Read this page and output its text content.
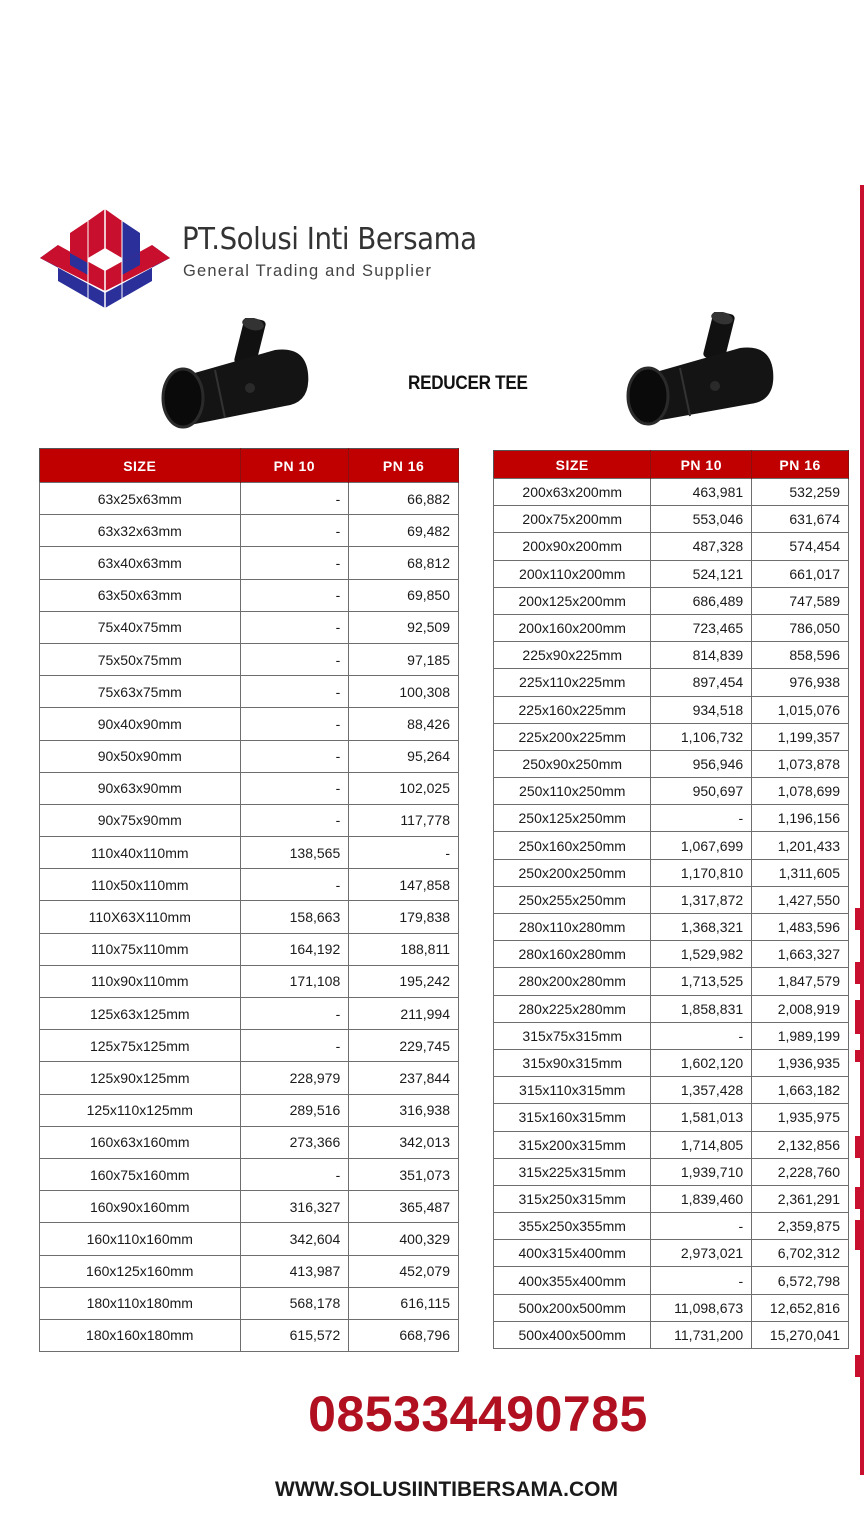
PT.Solusi Inti Bersama
General Trading and Supplier
REDUCER TEE
SIZE	PN 10	PN 16
63x25x63mm	-	66,882
63x32x63mm	-	69,482
63x40x63mm	-	68,812
63x50x63mm	-	69,850
75x40x75mm	-	92,509
75x50x75mm	-	97,185
75x63x75mm	-	100,308
90x40x90mm	-	88,426
90x50x90mm	-	95,264
90x63x90mm	-	102,025
90x75x90mm	-	117,778
110x40x110mm	138,565	-
110x50x110mm	-	147,858
110X63X110mm	158,663	179,838
110x75x110mm	164,192	188,811
110x90x110mm	171,108	195,242
125x63x125mm	-	211,994
125x75x125mm	-	229,745
125x90x125mm	228,979	237,844
125x110x125mm	289,516	316,938
160x63x160mm	273,366	342,013
160x75x160mm	-	351,073
160x90x160mm	316,327	365,487
160x110x160mm	342,604	400,329
160x125x160mm	413,987	452,079
180x110x180mm	568,178	616,115
180x160x180mm	615,572	668,796
SIZE	PN 10	PN 16
200x63x200mm	463,981	532,259
200x75x200mm	553,046	631,674
200x90x200mm	487,328	574,454
200x110x200mm	524,121	661,017
200x125x200mm	686,489	747,589
200x160x200mm	723,465	786,050
225x90x225mm	814,839	858,596
225x110x225mm	897,454	976,938
225x160x225mm	934,518	1,015,076
225x200x225mm	1,106,732	1,199,357
250x90x250mm	956,946	1,073,878
250x110x250mm	950,697	1,078,699
250x125x250mm	-	1,196,156
250x160x250mm	1,067,699	1,201,433
250x200x250mm	1,170,810	1,311,605
250x255x250mm	1,317,872	1,427,550
280x110x280mm	1,368,321	1,483,596
280x160x280mm	1,529,982	1,663,327
280x200x280mm	1,713,525	1,847,579
280x225x280mm	1,858,831	2,008,919
315x75x315mm	-	1,989,199
315x90x315mm	1,602,120	1,936,935
315x110x315mm	1,357,428	1,663,182
315x160x315mm	1,581,013	1,935,975
315x200x315mm	1,714,805	2,132,856
315x225x315mm	1,939,710	2,228,760
315x250x315mm	1,839,460	2,361,291
355x250x355mm	-	2,359,875
400x315x400mm	2,973,021	6,702,312
400x355x400mm	-	6,572,798
500x200x500mm	11,098,673	12,652,816
500x400x500mm	11,731,200	15,270,041
085334490785
WWW.SOLUSIINTIBERSAMA.COM
